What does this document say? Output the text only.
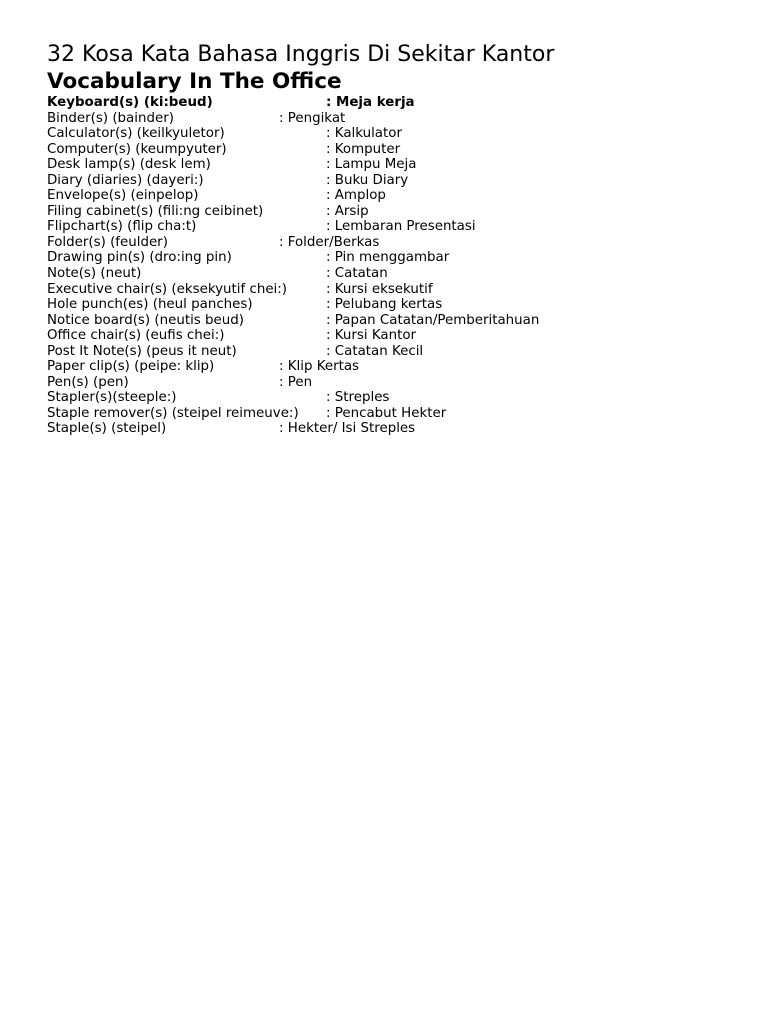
32 Kosa Kata Bahasa Inggris Di Sekitar Kantor
Vocabulary In The Office
Keyboard(s) (ki:beud)	: Meja kerja
Binder(s) (bainder)	: Pengikat
Calculator(s) (keilkyuletor)	: Kalkulator
Computer(s) (keumpyuter)	: Komputer
Desk lamp(s) (desk lem)	: Lampu Meja
Diary (diaries) (dayeri:)	: Buku Diary
Envelope(s) (einpelop)	: Amplop
Filing cabinet(s) (fili:ng ceibinet)	: Arsip
Flipchart(s) (flip cha:t)	: Lembaran Presentasi
Folder(s) (feulder)	: Folder/Berkas
Drawing pin(s) (dro:ing pin)	: Pin menggambar
Note(s) (neut)	: Catatan
Executive chair(s) (eksekyutif chei:)	: Kursi eksekutif
Hole punch(es) (heul panches)	: Pelubang kertas
Notice board(s) (neutis beud)	: Papan Catatan/Pemberitahuan
Office chair(s) (eufis chei:)	: Kursi Kantor
Post It Note(s) (peus it neut)	: Catatan Kecil
Paper clip(s) (peipe: klip)	: Klip Kertas
Pen(s) (pen)	: Pen
Stapler(s)(steeple:)	: Streples
Staple remover(s) (steipel reimeuve:) : Pencabut Hekter
Staple(s) (steipel)	: Hekter/ Isi Streples
